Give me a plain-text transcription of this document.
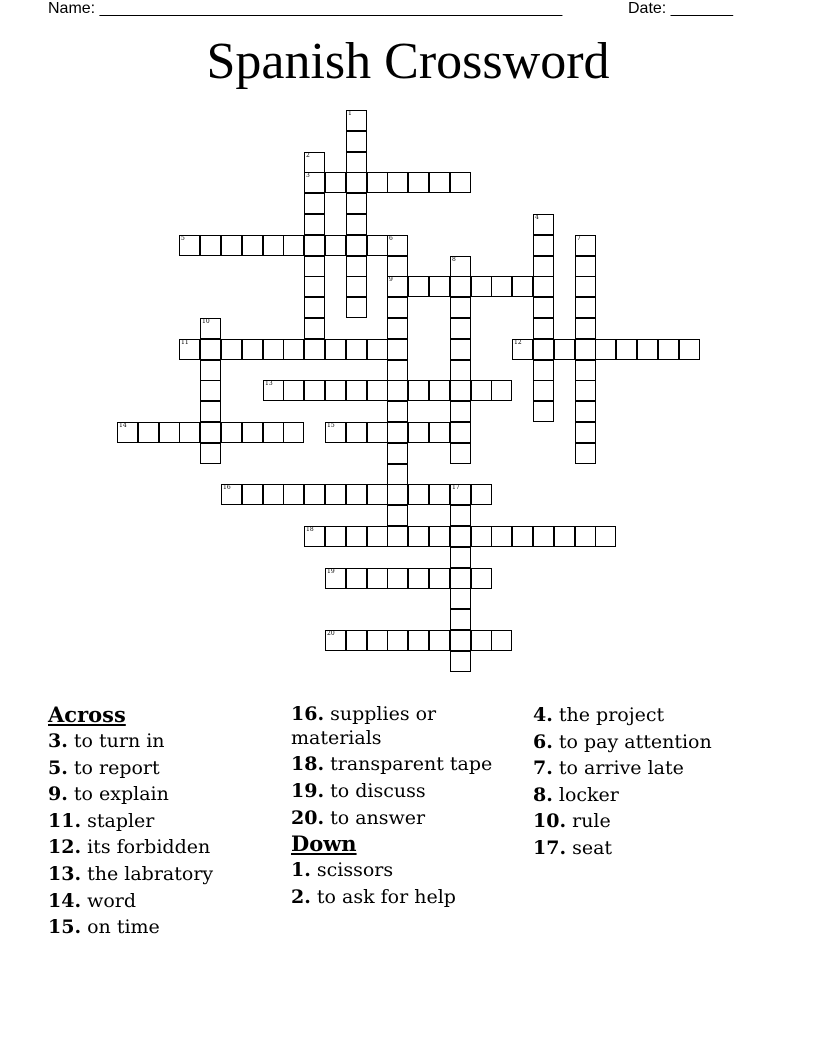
Name: ____________________________________________________	Date: _______
Spanish Crossword
1
2
3
4
5	6
9
7
8
10
11	12
13
14	15
16	17
18
19
20

Across

3. to turn in

5. to report

9. to explain

11. stapler

12. its forbidden

13. the labratory

14. word

15. on time

16. supplies or materials

18. transparent tape

19. to discuss

20. to answer

Down

1. scissors

2. to ask for help

4. the project

6. to pay attention

7. to arrive late

8. locker

10. rule

17. seat
